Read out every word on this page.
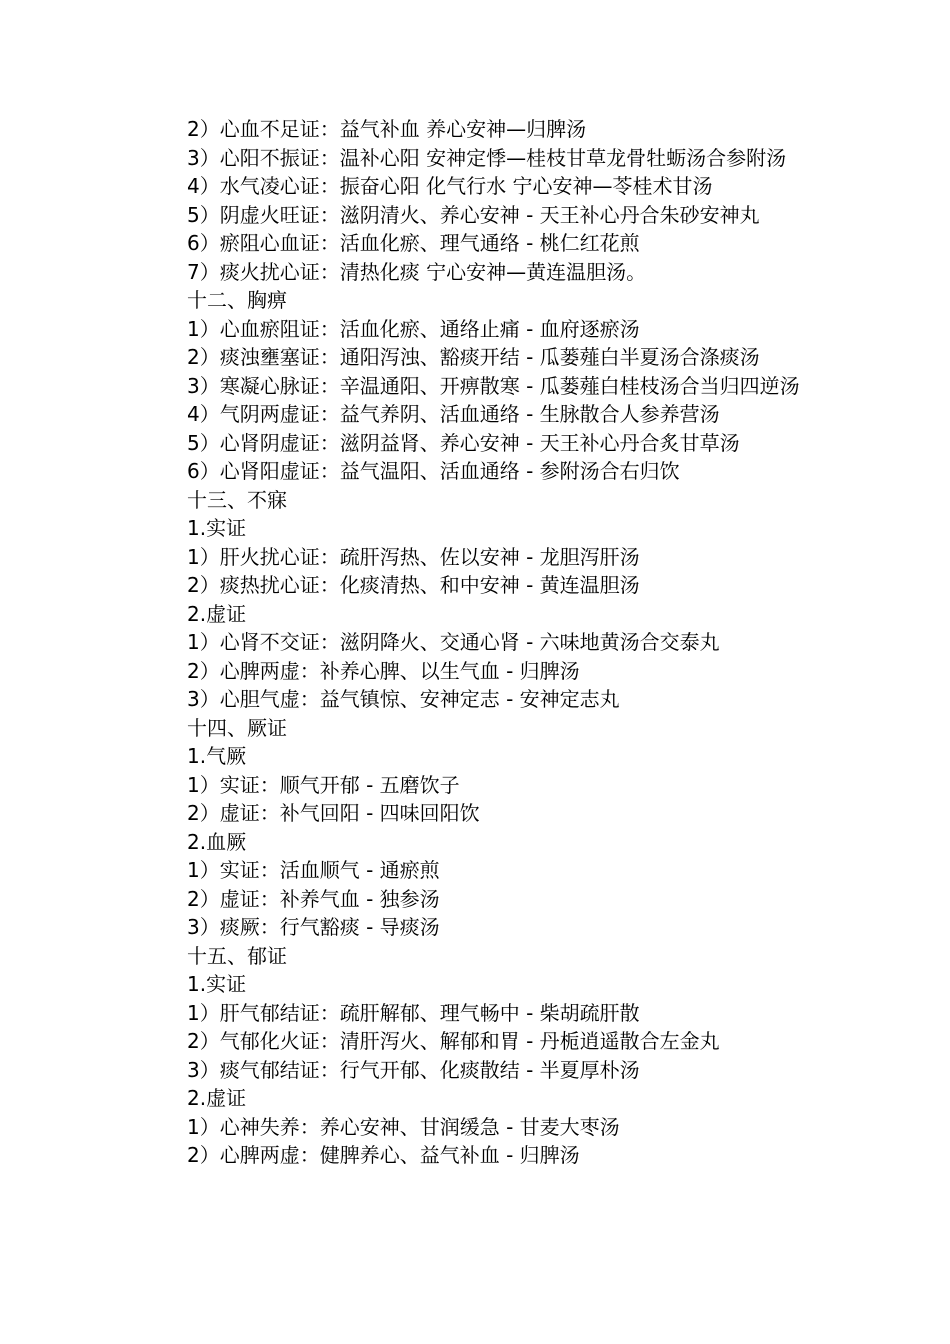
2）心血不足证：益气补血 养心安神—归脾汤
3）心阳不振证：温补心阳 安神定悸—桂枝甘草龙骨牡蛎汤合参附汤
4）水气凌心证：振奋心阳 化气行水 宁心安神—苓桂术甘汤
5）阴虚火旺证：滋阴清火、养心安神 - 天王补心丹合朱砂安神丸
6）瘀阻心血证：活血化瘀、理气通络 - 桃仁红花煎
7）痰火扰心证：清热化痰 宁心安神—黄连温胆汤。
十二、胸痹
1）心血瘀阻证：活血化瘀、通络止痛 - 血府逐瘀汤
2）痰浊壅塞证：通阳泻浊、豁痰开结 - 瓜蒌薤白半夏汤合涤痰汤
3）寒凝心脉证：辛温通阳、开痹散寒 - 瓜蒌薤白桂枝汤合当归四逆汤
4）气阴两虚证：益气养阴、活血通络 - 生脉散合人参养营汤
5）心肾阴虚证：滋阴益肾、养心安神 - 天王补心丹合炙甘草汤
6）心肾阳虚证：益气温阳、活血通络 - 参附汤合右归饮
十三、不寐
1.实证
1）肝火扰心证：疏肝泻热、佐以安神 - 龙胆泻肝汤
2）痰热扰心证：化痰清热、和中安神 - 黄连温胆汤
2.虚证
1）心肾不交证：滋阴降火、交通心肾 - 六味地黄汤合交泰丸
2）心脾两虚：补养心脾、以生气血 - 归脾汤
3）心胆气虚：益气镇惊、安神定志 - 安神定志丸
十四、厥证
1.气厥
1）实证：顺气开郁 - 五磨饮子
2）虚证：补气回阳 - 四味回阳饮
2.血厥
1）实证：活血顺气 - 通瘀煎
2）虚证：补养气血 - 独参汤
3）痰厥：行气豁痰 - 导痰汤
十五、郁证
1.实证
1）肝气郁结证：疏肝解郁、理气畅中 - 柴胡疏肝散
2）气郁化火证：清肝泻火、解郁和胃 - 丹栀逍遥散合左金丸
3）痰气郁结证：行气开郁、化痰散结 - 半夏厚朴汤
2.虚证
1）心神失养：养心安神、甘润缓急 - 甘麦大枣汤
2）心脾两虚：健脾养心、益气补血 - 归脾汤
